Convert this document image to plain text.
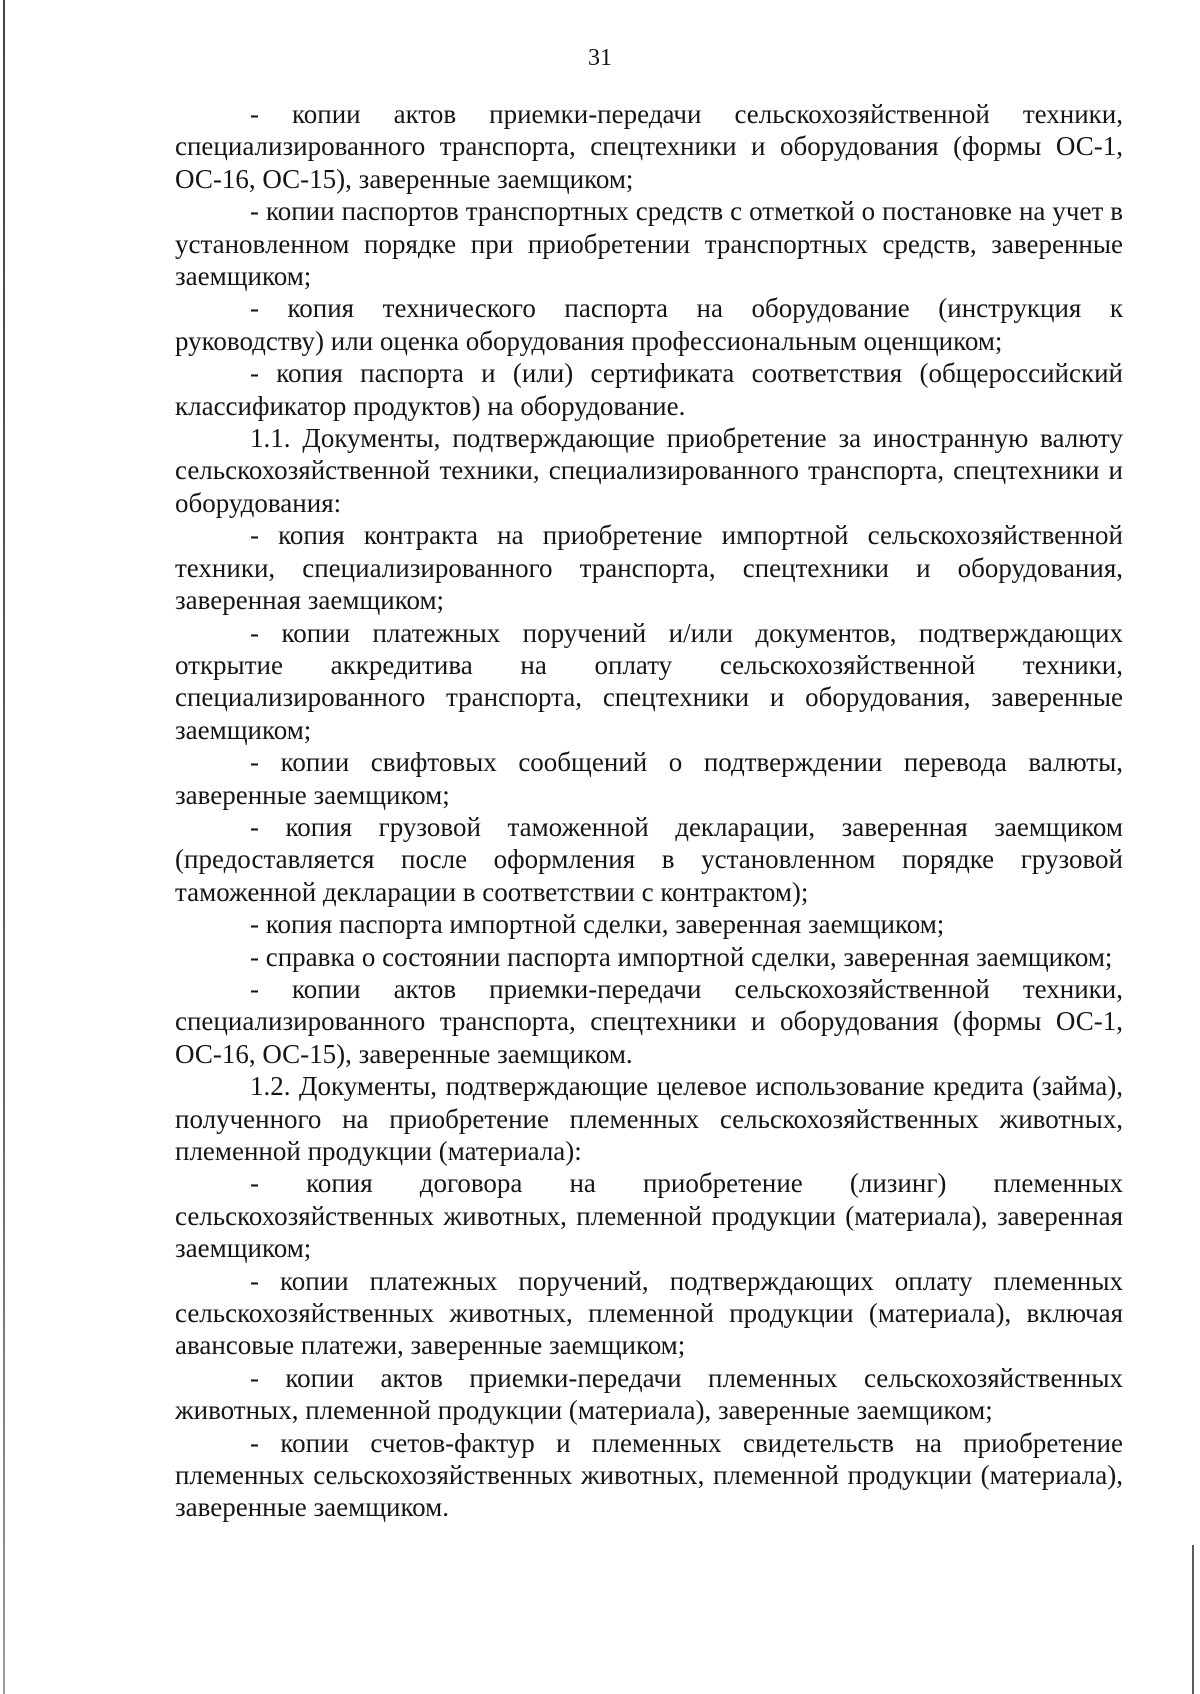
31

- копии актов приемки-передачи сельскохозяйственной техники, специализированного транспорта, спецтехники и оборудования (формы ОС-1, ОС-16, ОС-15), заверенные заемщиком;

- копии паспортов транспортных средств с отметкой о постановке на учет в установленном порядке при приобретении транспортных средств, заверенные заемщиком;

- копия технического паспорта на оборудование (инструкция к руководству) или оценка оборудования профессиональным оценщиком;

- копия паспорта и (или) сертификата соответствия (общероссийский классификатор продуктов) на оборудование.

1.1. Документы, подтверждающие приобретение за иностранную валюту сельскохозяйственной техники, специализированного транспорта, спецтехники и оборудования:

- копия контракта на приобретение импортной сельскохозяйственной техники, специализированного транспорта, спецтехники и оборудования, заверенная заемщиком;

- копии платежных поручений и/или документов, подтверждающих открытие аккредитива на оплату сельскохозяйственной техники, специализированного транспорта, спецтехники и оборудования, заверенные заемщиком;

- копии свифтовых сообщений о подтверждении перевода валюты, заверенные заемщиком;

- копия грузовой таможенной декларации, заверенная заемщиком (предоставляется после оформления в установленном порядке грузовой таможенной декларации в соответствии с контрактом);

- копия паспорта импортной сделки, заверенная заемщиком;

- справка о состоянии паспорта импортной сделки, заверенная заемщиком;

- копии актов приемки-передачи сельскохозяйственной техники, специализированного транспорта, спецтехники и оборудования (формы ОС-1, ОС-16, ОС-15), заверенные заемщиком.

1.2. Документы, подтверждающие целевое использование кредита (займа), полученного на приобретение племенных сельскохозяйственных животных, племенной продукции (материала):

- копия договора на приобретение (лизинг) племенных сельскохозяйственных животных, племенной продукции (материала), заверенная заемщиком;

- копии платежных поручений, подтверждающих оплату племенных сельскохозяйственных животных, племенной продукции (материала), включая авансовые платежи, заверенные заемщиком;

- копии актов приемки-передачи племенных сельскохозяйственных животных, племенной продукции (материала), заверенные заемщиком;

- копии счетов-фактур и племенных свидетельств на приобретение племенных сельскохозяйственных животных, племенной продукции (материала), заверенные заемщиком.
